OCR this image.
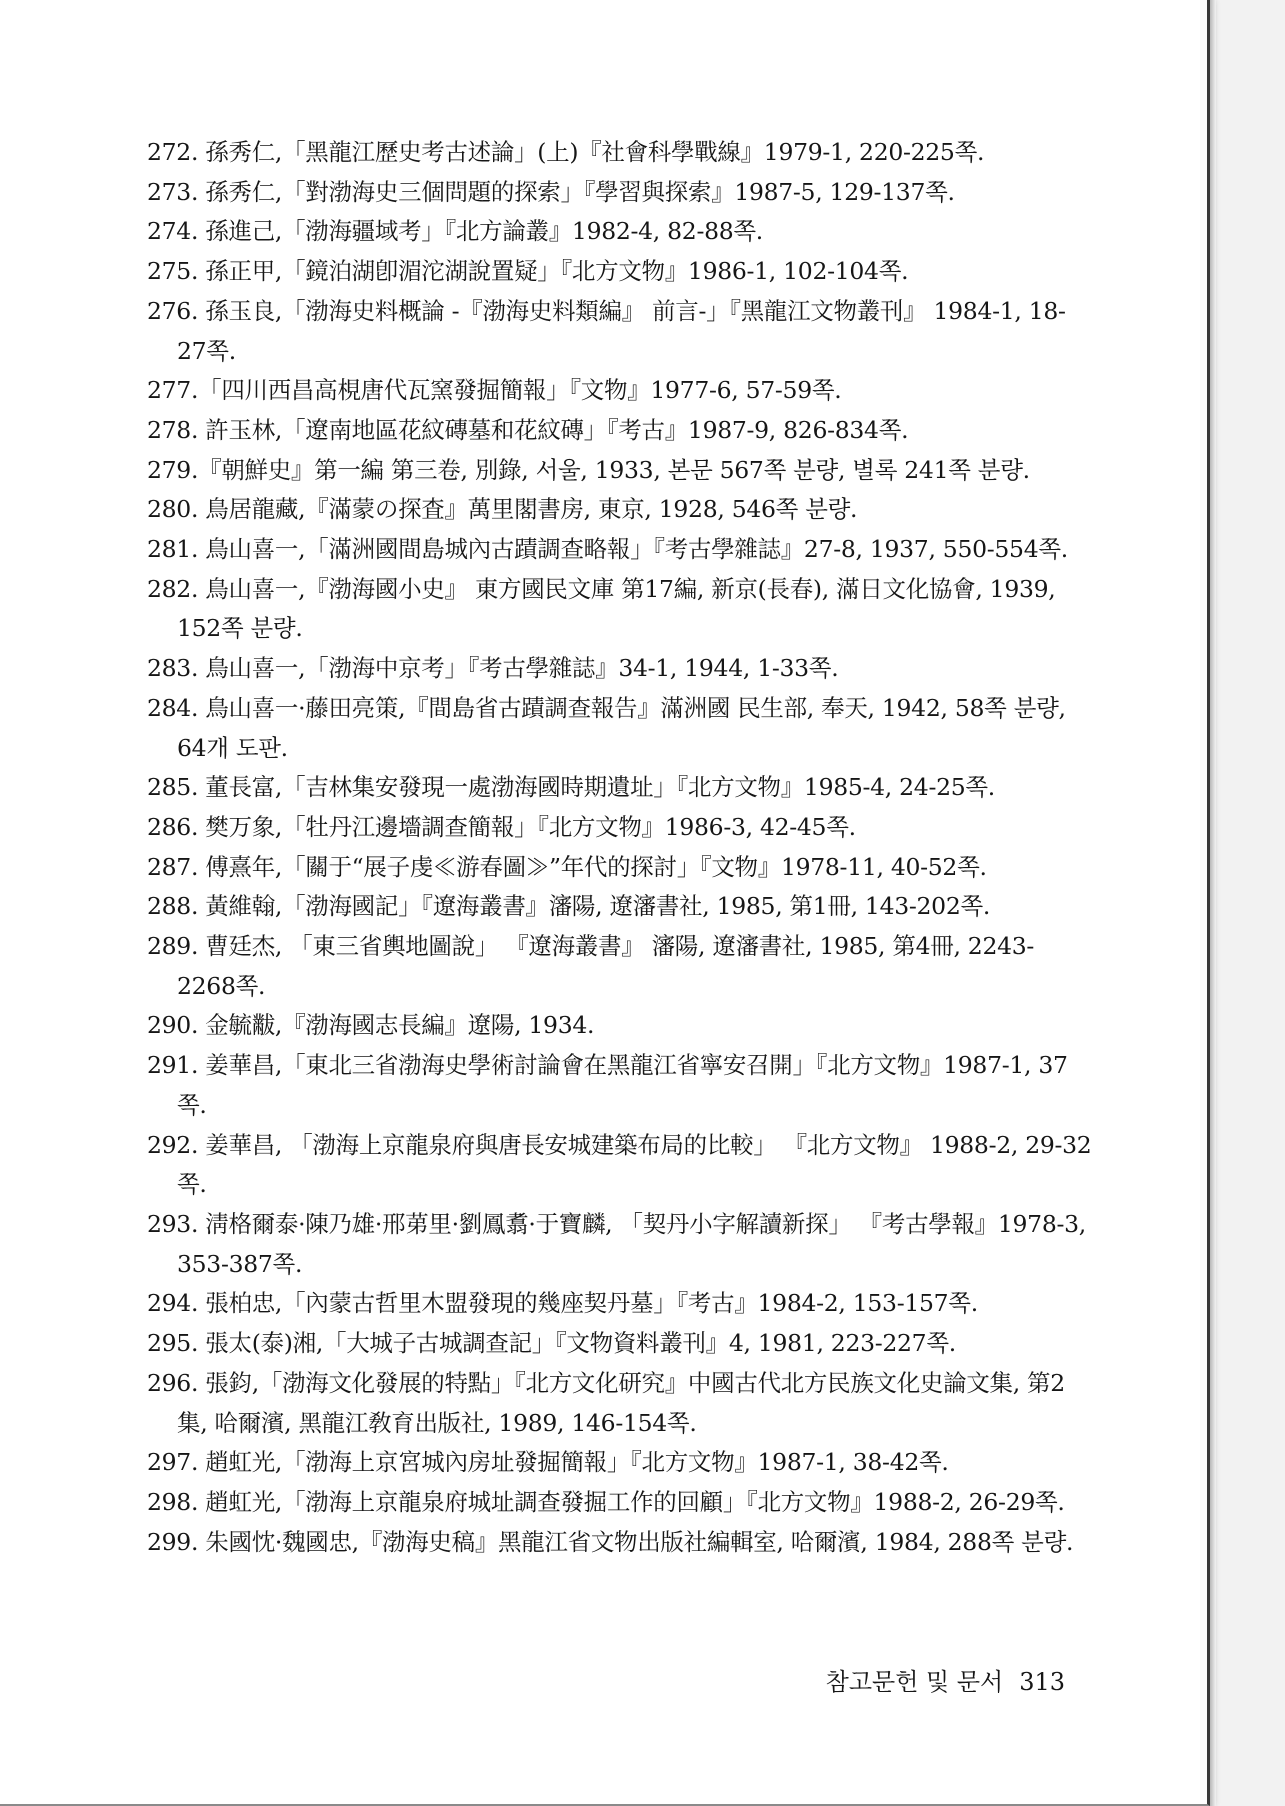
272. 孫秀仁,「黑龍江歷史考古述論」(上)『社會科學戰線』1979-1, 220-225쪽.
273. 孫秀仁,「對渤海史三個問題的探索」『學習與探索』1987-5, 129-137쪽.
274. 孫進己,「渤海疆域考」『北方論叢』1982-4, 82-88쪽.
275. 孫正甲,「鏡泊湖卽湄沱湖說置疑」『北方文物』1986-1, 102-104쪽.
276. 孫玉良,「渤海史料概論 -『渤海史料類編』 前言-」『黑龍江文物叢刊』 1984-1, 18-27쪽.
277.「四川西昌高梘唐代瓦窯發掘簡報」『文物』1977-6, 57-59쪽.
278. 許玉林,「遼南地區花紋磚墓和花紋磚」『考古』1987-9, 826-834쪽.
279.『朝鮮史』第一編 第三卷, 別錄, 서울, 1933, 본문 567쪽 분량, 별록 241쪽 분량.
280. 鳥居龍藏,『滿蒙の探査』萬里閣書房, 東京, 1928, 546쪽 분량.
281. 鳥山喜一,「滿洲國間島城內古蹟調查略報」『考古學雜誌』27-8, 1937, 550-554쪽.
282. 鳥山喜一,『渤海國小史』 東方國民文庫 第17編, 新京(長春), 滿日文化協會, 1939, 152쪽 분량.
283. 鳥山喜一,「渤海中京考」『考古學雜誌』34-1, 1944, 1-33쪽.
284. 鳥山喜一·藤田亮策,『間島省古蹟調查報告』滿洲國 民生部, 奉天, 1942, 58쪽 분량, 64개 도판.
285. 董長富,「吉林集安發現一處渤海國時期遺址」『北方文物』1985-4, 24-25쪽.
286. 樊万象,「牡丹江邊墻調查簡報」『北方文物』1986-3, 42-45쪽.
287. 傅熹年,「關于“展子虔≪游春圖≫”年代的探討」『文物』1978-11, 40-52쪽.
288. 黃維翰,「渤海國記」『遼海叢書』瀋陽, 遼瀋書社, 1985, 第1冊, 143-202쪽.
289. 曹廷杰, 「東三省輿地圖說」 『遼海叢書』 瀋陽, 遼瀋書社, 1985, 第4冊, 2243-2268쪽.
290. 金毓黻,『渤海國志長編』遼陽, 1934.
291. 姜華昌,「東北三省渤海史學術討論會在黑龍江省寧安召開」『北方文物』1987-1, 37쪽.
292. 姜華昌, 「渤海上京龍泉府與唐長安城建築布局的比較」 『北方文物』 1988-2, 29-32쪽.
293. 淸格爾泰·陳乃雄·邢苐里·劉鳳翥·于寶麟, 「契丹小字解讀新探」 『考古學報』1978-3, 353-387쪽.
294. 張柏忠,「內蒙古哲里木盟發現的幾座契丹墓」『考古』1984-2, 153-157쪽.
295. 張太(泰)湘,「大城子古城調查記」『文物資料叢刊』4, 1981, 223-227쪽.
296. 張鈞,「渤海文化發展的特點」『北方文化研究』中國古代北方民族文化史論文集, 第2集, 哈爾濱, 黑龍江敎育出版社, 1989, 146-154쪽.
297. 趙虹光,「渤海上京宮城內房址發掘簡報」『北方文物』1987-1, 38-42쪽.
298. 趙虹光,「渤海上京龍泉府城址調查發掘工作的回顧」『北方文物』1988-2, 26-29쪽.
299. 朱國忱·魏國忠,『渤海史稿』黑龍江省文物出版社編輯室, 哈爾濱, 1984, 288쪽 분량.
참고문헌 및 문서 313
